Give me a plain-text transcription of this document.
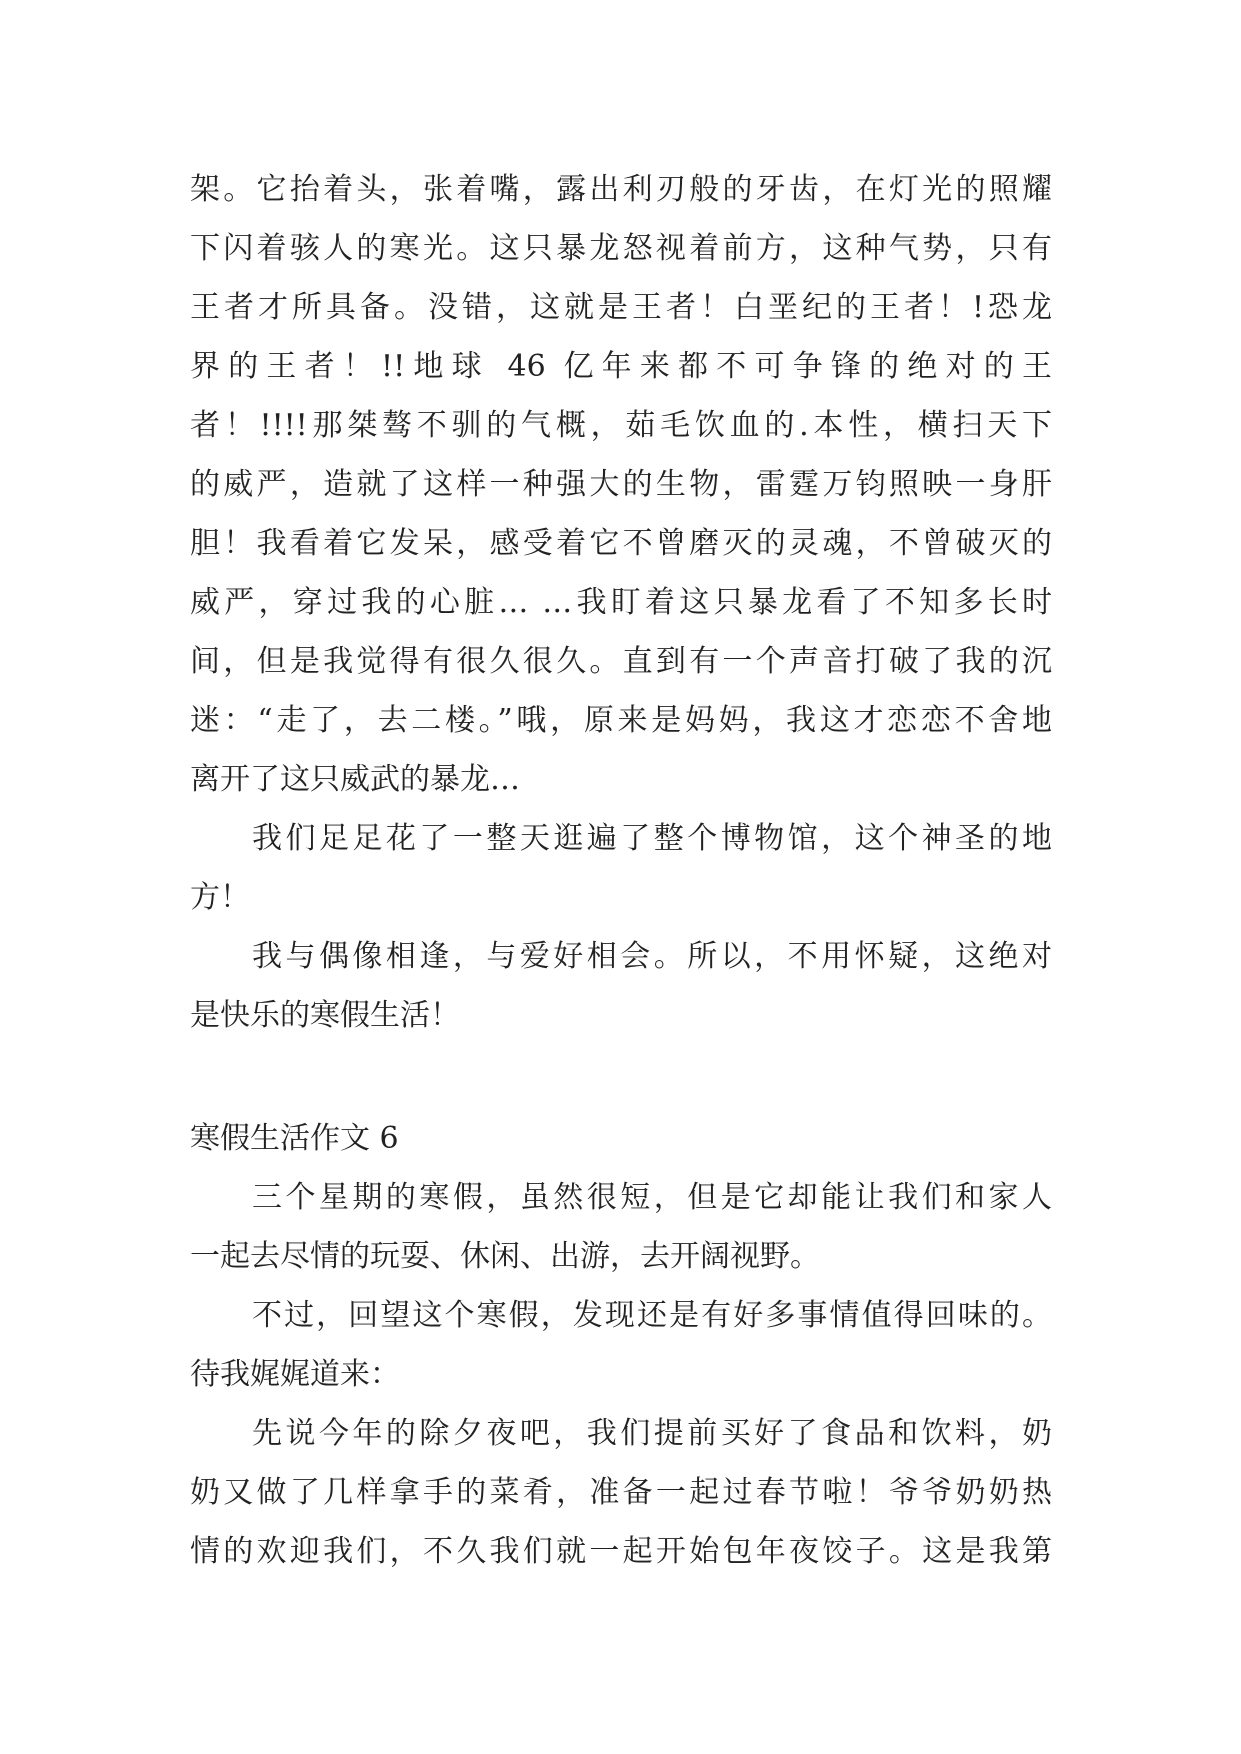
架。它抬着头，张着嘴，露出利刃般的牙齿，在灯光的照耀
下闪着骇人的寒光。这只暴龙怒视着前方，这种气势，只有
王者才所具备。没错，这就是王者！白垩纪的王者！!恐龙
界的王者！!!地球 46 亿年来都不可争锋的绝对的王
者！!!!!那桀骜不驯的气概，茹毛饮血的.本性，横扫天下
的威严，造就了这样一种强大的生物，雷霆万钧照映一身肝
胆！我看着它发呆，感受着它不曾磨灭的灵魂，不曾破灭的
威严，穿过我的心脏… …我盯着这只暴龙看了不知多长时
间，但是我觉得有很久很久。直到有一个声音打破了我的沉
迷：“走了，去二楼。”哦，原来是妈妈，我这才恋恋不舍地
离开了这只威武的暴龙…
我们足足花了一整天逛遍了整个博物馆，这个神圣的地
方！
我与偶像相逢，与爱好相会。所以，不用怀疑，这绝对
是快乐的寒假生活！
寒假生活作文 6
三个星期的寒假，虽然很短，但是它却能让我们和家人
一起去尽情的玩耍、休闲、出游，去开阔视野。
不过，回望这个寒假，发现还是有好多事情值得回味的。
待我娓娓道来：
先说今年的除夕夜吧，我们提前买好了食品和饮料，奶
奶又做了几样拿手的菜肴，准备一起过春节啦！爷爷奶奶热
情的欢迎我们，不久我们就一起开始包年夜饺子。这是我第
